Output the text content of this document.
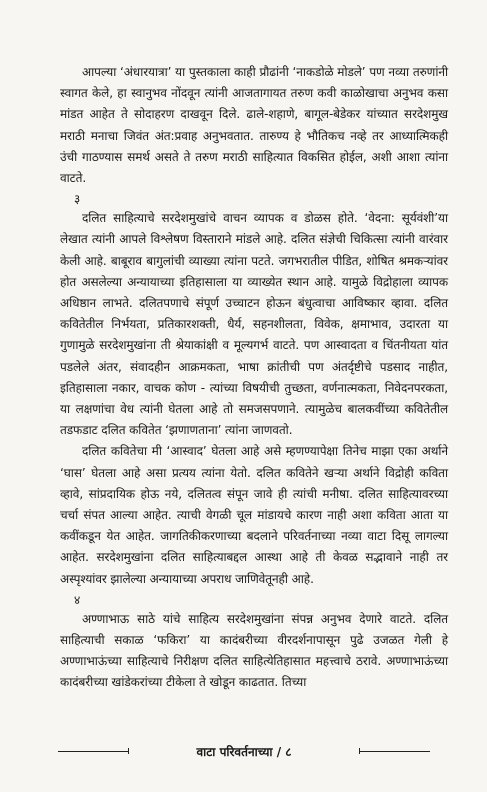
आपल्या ‘अंधारयात्रा’ या पुस्तकाला काही प्रौढांनी ‘नाकडोळे मोडले’ पण नव्या तरुणांनी स्वागत केले, हा स्वानुभव नोंदवून त्यांनी आजतागायत तरुण कवी काळोखाचा अनुभव कसा मांडत आहेत ते सोदाहरण दाखवून दिले. ढाले-शहाणे, बागूल-बेडेकर यांच्यात सरदेशमुख मराठी मनाचा जिवंत अंत:प्रवाह अनुभवतात. तारुण्य हे भौतिकच नव्हे तर आध्यात्मिकही उंची गाठण्यास समर्थ असते ते तरुण मराठी साहित्यात विकसित होईल, अशी आशा त्यांना वाटते.

३

दलित साहित्याचे सरदेशमुखांचे वाचन व्यापक व डोळस होते. ‘वेदना: सूर्यवंशी’या लेखात त्यांनी आपले विश्लेषण विस्ताराने मांडले आहे. दलित संज्ञेची चिकित्सा त्यांनी वारंवार केली आहे. बाबूराव बागुलांची व्याख्या त्यांना पटते. जगभरातील पीडित, शोषित श्रमकऱ्यांवर होत असलेल्या अन्यायाच्या इतिहासाला या व्याख्येत स्थान आहे. यामुळे विद्रोहाला व्यापक अधिष्ठान लाभते. दलितपणाचे संपूर्ण उच्चाटन होऊन बंधुत्वाचा आविष्कार व्हावा. दलित कवितेतील निर्भयता, प्रतिकारशक्ती, धैर्य, सहनशीलता, विवेक, क्षमाभाव, उदारता या गुणामुळे सरदेशमुखांना ती श्रेयाकांक्षी व मूल्यगर्भ वाटते. पण आस्वादता व चिंतनीयता यांत पडलेले अंतर, संवादहीन आक्रमकता, भाषा क्रांतीची पण अंतर्दृष्टीचे पडसाद नाहीत, इतिहासाला नकार, वाचक कोण - त्यांच्या विषयीची तुच्छता, वर्णनात्मकता, निवेदनपरकता, या लक्षणांचा वेध त्यांनी घेतला आहे तो समजसपणाने. त्यामुळेच बालकवींच्या कवितेतील तडफडाट दलित कवितेत ‘झणाणताना’ त्यांना जाणवतो.

दलित कवितेचा मी ‘आस्वाद’ घेतला आहे असे म्हणण्यापेक्षा तिनेच माझा एका अर्थाने ‘घास’ घेतला आहे असा प्रत्यय त्यांना येतो. दलित कवितेने खऱ्या अर्थाने विद्रोही कविता व्हावे, सांप्रदायिक होऊ नये, दलितत्व संपून जावे ही त्यांची मनीषा. दलित साहित्यावरच्या चर्चा संपत आल्या आहेत. त्याची वेगळी चूल मांडायचे कारण नाही अशा कविता आता या कवींकडून येत आहेत. जागतिकीकरणाच्या बदलाने परिवर्तनाच्या नव्या वाटा दिसू लागल्या आहेत. सरदेशमुखांना दलित साहित्याबद्दल आस्था आहे ती केवळ सद्भावाने नाही तर अस्पृश्यांवर झालेल्या अन्यायाच्या अपराध जाणिवेतूनही आहे.

४

अण्णाभाऊ साठे यांचे साहित्य सरदेशमुखांना संपन्न अनुभव देणारे वाटते. दलित साहित्याची सकाळ ‘फकिरा’ या कादंबरीच्या वीरदर्शनापासून पुढे उजळत गेली हे अण्णाभाऊंच्या साहित्याचे निरीक्षण दलित साहित्येतिहासात महत्त्वाचे ठरावे. अण्णाभाऊंच्या कादंबरीच्या खांडेकरांच्या टीकेला ते खोडून काढतात. तिच्या

वाटा परिवर्तनाच्या / ८
